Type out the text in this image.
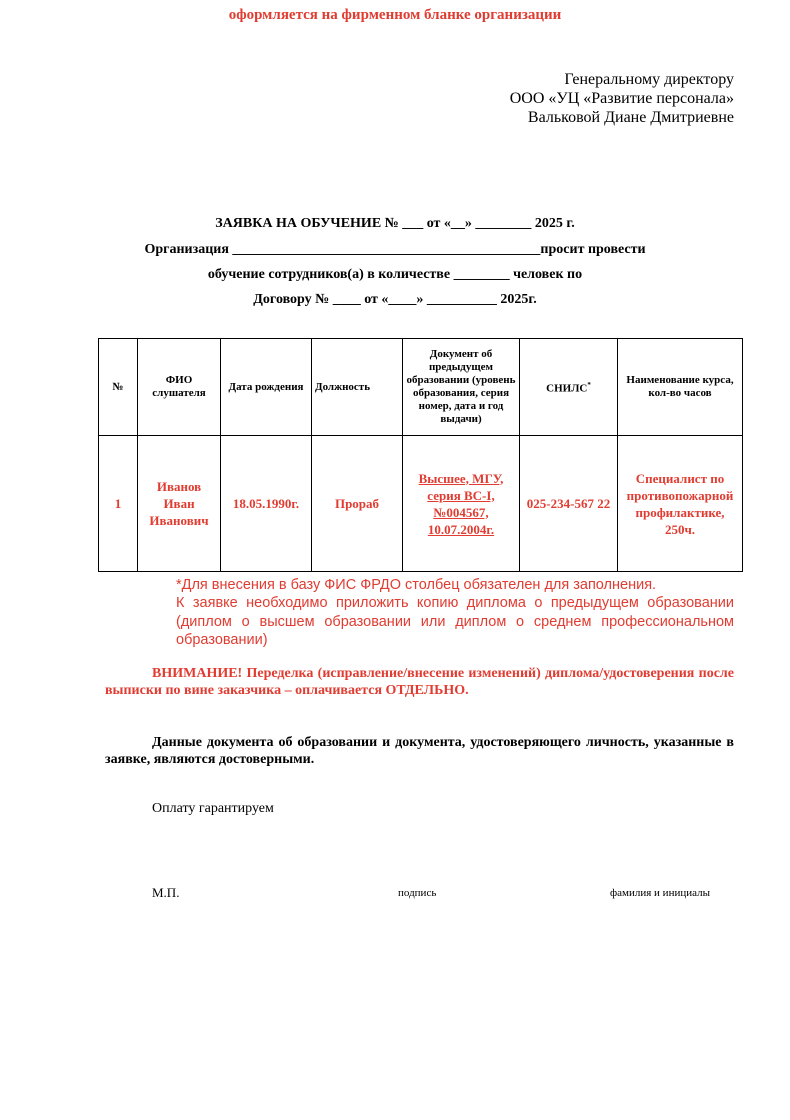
оформляется на фирменном бланке организации
Генеральному директору
ООО «УЦ «Развитие персонала»
Вальковой Диане Дмитриевне
ЗАЯВКА НА ОБУЧЕНИЕ № ___ от «__» ________ 2025 г.
Организация ____________________________________________просит провести
обучение сотрудников(а) в количестве ________ человек по
Договору № ____ от «____» __________ 2025г.
№	ФИО слушателя	Дата рождения	Должность	Документ об предыдущем образовании (уровень образования, серия номер, дата и год выдачи)	СНИЛС*	Наименование курса, кол-во часов
1	Иванов Иван Иванович	18.05.1990г.	Прораб	Высшее, МГУ, серия ВС-I, №004567, 10.07.2004г.	025-234-567 22	Специалист по противопожарной профилактике, 250ч.
*Для внесения в базу ФИС ФРДО столбец обязателен для заполнения.
К заявке необходимо приложить копию диплома о предыдущем образовании (диплом о высшем образовании или диплом о среднем профессиональном образовании)
ВНИМАНИЕ! Переделка (исправление/внесение изменений) диплома/удостоверения после выписки по вине заказчика – оплачивается ОТДЕЛЬНО.
Данные документа об образовании и документа, удостоверяющего личность, указанные в заявке, являются достоверными.
Оплату гарантируем
М.П.	подпись	фамилия и инициалы
